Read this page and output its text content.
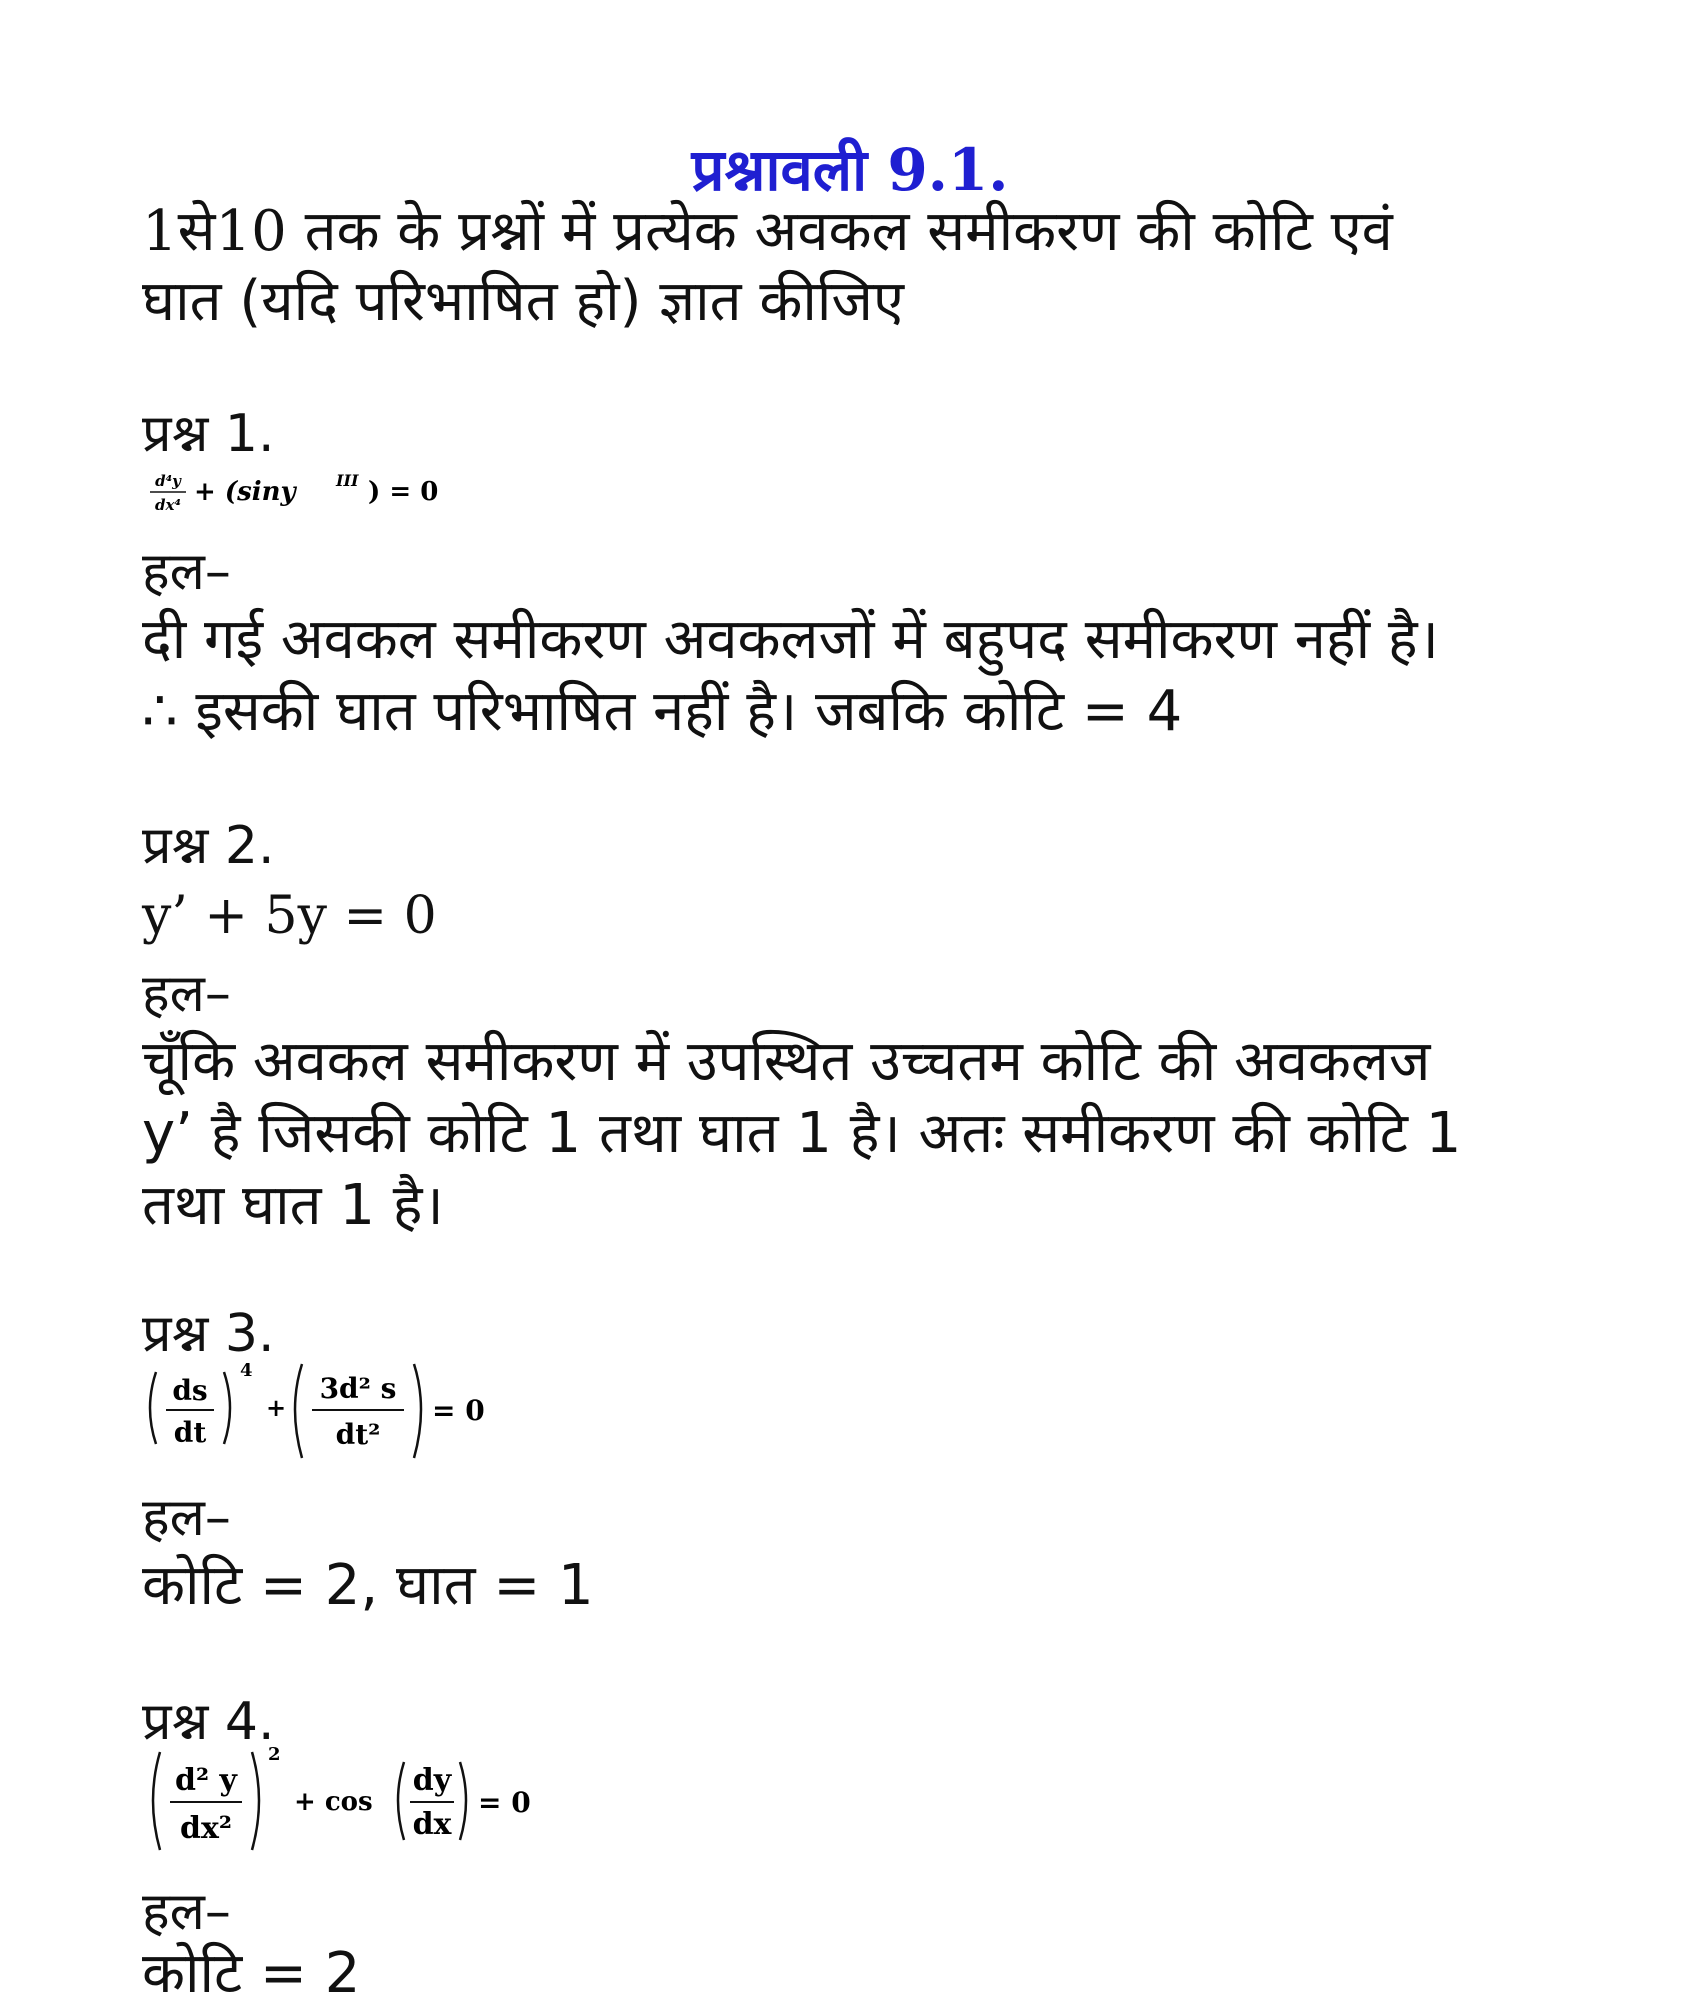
प्रश्नावली 9.1.
1से10 तक के प्रश्नों में प्रत्येक अवकल समीकरण की कोटि एवं
घात (यदि परिभाषित हो) ज्ञात कीजिए
प्रश्न 1.
d⁴y
dx⁴ + (siny	III ) = 0
हल–
दी गई अवकल समीकरण अवकलजों में बहुपद समीकरण नहीं है।
∴ इसकी घात परिभाषित नहीं है। जबकि कोटि = 4
प्रश्न 2.
y’ + 5y = 0
हल–
चूँकि अवकल समीकरण में उपस्थित उच्चतम कोटि की अवकलज
y’ है जिसकी कोटि 1 तथा घात 1 है। अतः समीकरण की कोटि 1
तथा घात 1 है।
प्रश्न 3.
ds
dt
4
+
3d² s
dt²
= 0
हल–
कोटि = 2, घात = 1
प्रश्न 4.
d² y
dx²
2
+ cos
dy
dx
= 0
हल–
कोटि = 2
